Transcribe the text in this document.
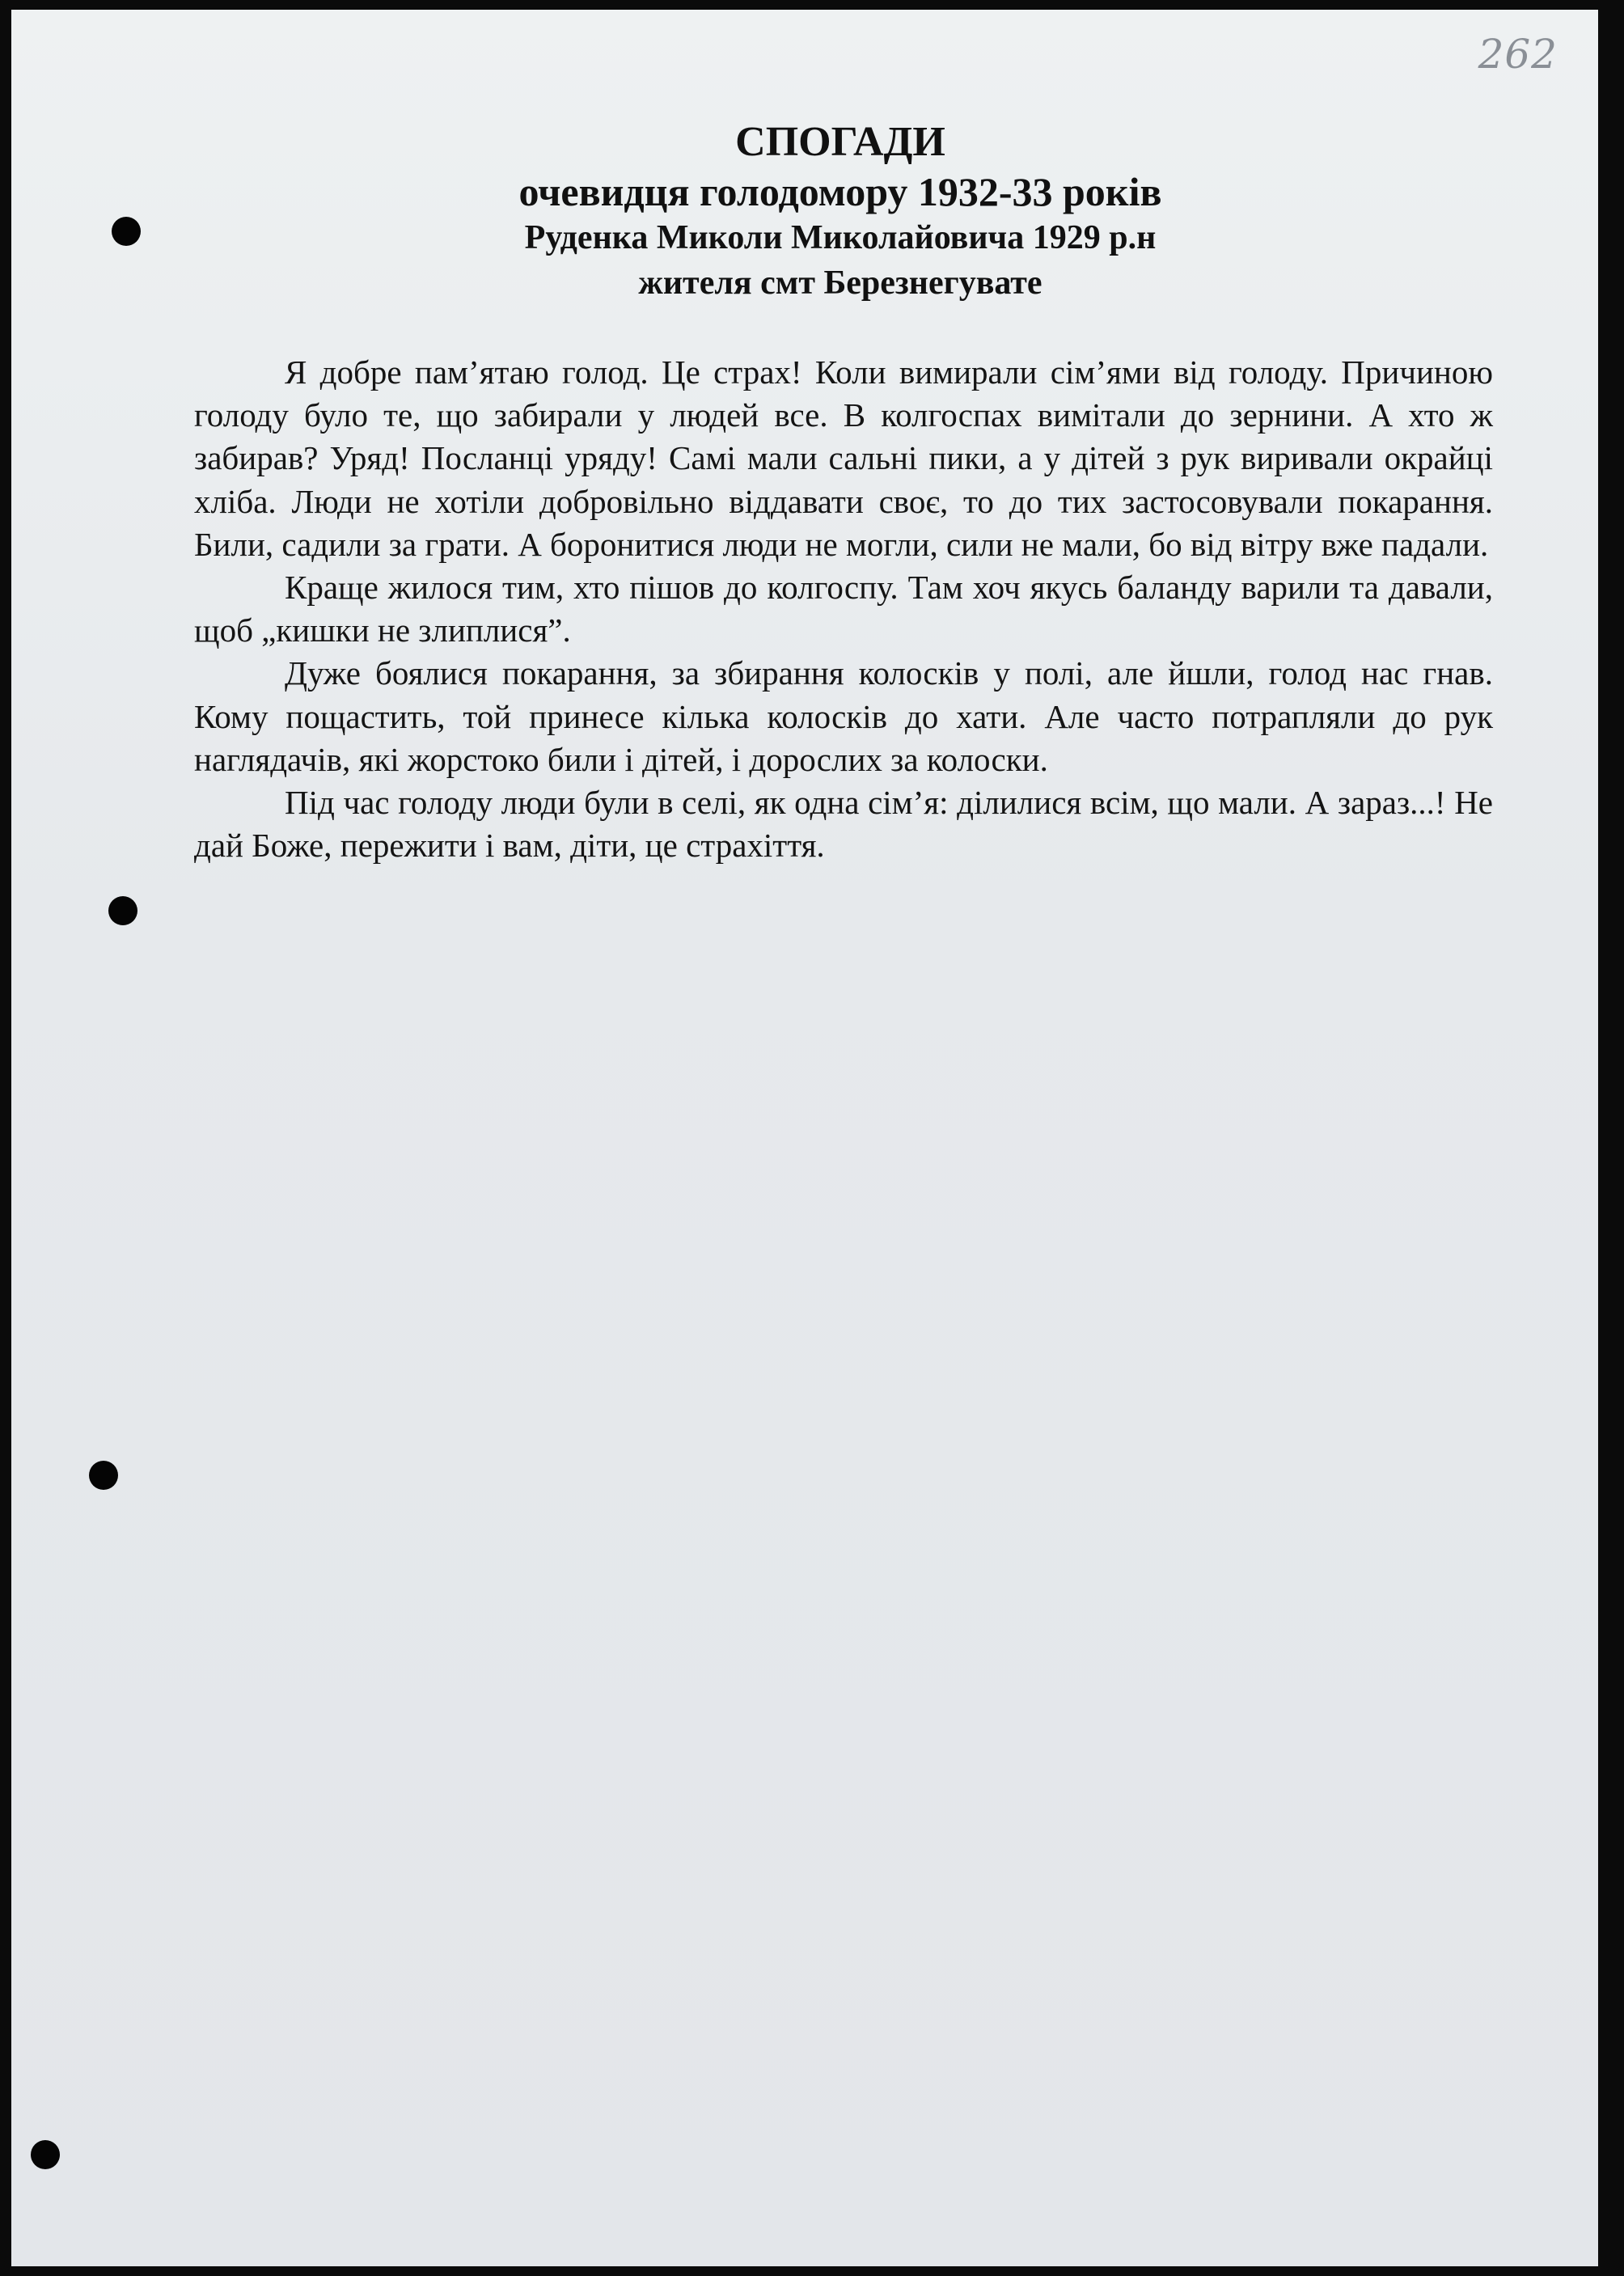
262
СПОГАДИ
очевидця голодомору 1932-33 років
Руденка Миколи Миколайовича 1929 р.н
жителя смт Березнегувате

Я добре пам’ятаю голод. Це страх! Коли вимирали сім’ями від голоду. Причиною голоду було те, що забирали у людей все. В колгоспах вимітали до зернини. А хто ж забирав? Уряд! Посланці уряду! Самі мали сальні пики, а у дітей з рук виривали окрайці хліба. Люди не хотіли добровільно віддавати своє, то до тих застосовували покарання. Били, садили за грати. А боронитися люди не могли, сили не мали, бо від вітру вже падали.

Краще жилося тим, хто пішов до колгоспу. Там хоч якусь баланду варили та давали, щоб „кишки не злиплися”.

Дуже боялися покарання, за збирання колосків у полі, але йшли, голод нас гнав. Кому пощастить, той принесе кілька колосків до хати. Але часто потрапляли до рук наглядачів, які жорстоко били і дітей, і дорослих за колоски.

Під час голоду люди були в селі, як одна сім’я: ділилися всім, що мали. А зараз...! Не дай Боже, пережити і вам, діти, це страхіття.
